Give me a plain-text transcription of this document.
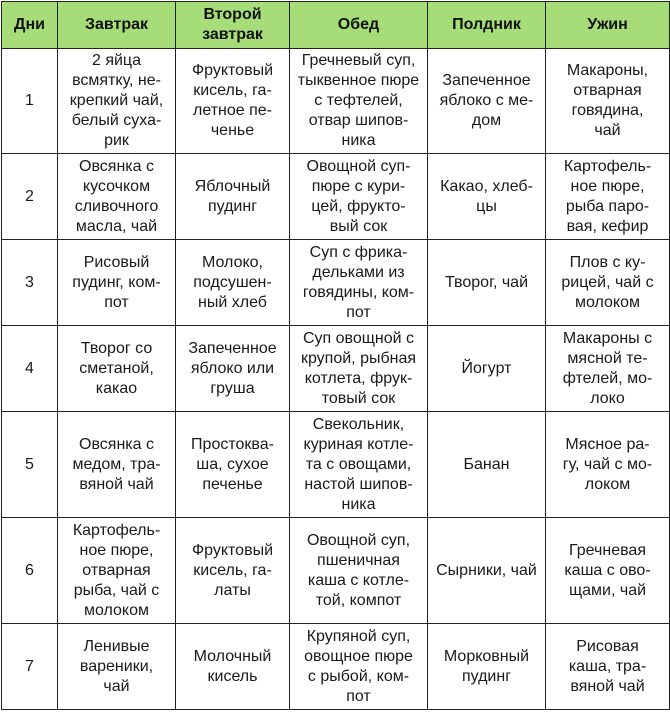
Дни	Завтрак	Второй
завтрак	Обед	Полдник	Ужин
1	2 яйца
всмятку, не-
крепкий чай,
белый суха-
рик	Фруктовый
кисель, га-
летное пе-
ченье	Гречневый суп,
тыквенное пюре
с тефтелей,
отвар шипов-
ника	Запеченное
яблоко с ме-
дом	Макароны,
отварная
говядина,
чай
2	Овсянка с
кусочком
сливочного
масла, чай	Яблочный
пудинг	Овощной суп-
пюре с кури-
цей, фрукто-
вый сок	Какао, хлеб-
цы	Картофель-
ное пюре,
рыба паро-
вая, кефир
3	Рисовый
пудинг, ком-
пот	Молоко,
подсушен-
ный хлеб	Суп с фрика-
дельками из
говядины, ком-
пот	Творог, чай	Плов с ку-
рицей, чай с
молоком
4	Творог со
сметаной,
какао	Запеченное
яблоко или
груша	Суп овощной с
крупой, рыбная
котлета, фрук-
товый сок	Йогурт	Макароны с
мясной те-
фтелей, мо-
локо
5	Овсянка с
медом, тра-
вяной чай	Простоква-
ша, сухое
печенье	Свекольник,
куриная котле-
та с овощами,
настой шипов-
ника	Банан	Мясное ра-
гу, чай с мо-
локом
6	Картофель-
ное пюре,
отварная
рыба, чай с
молоком	Фруктовый
кисель, га-
латы	Овощной суп,
пшеничная
каша с котле-
той, компот	Сырники, чай	Гречневая
каша с ово-
щами, чай
7	Ленивые
вареники,
чай	Молочный
кисель	Крупяной суп,
овощное пюре
с рыбой, ком-
пот	Морковный
пудинг	Рисовая
каша, тра-
вяной чай
